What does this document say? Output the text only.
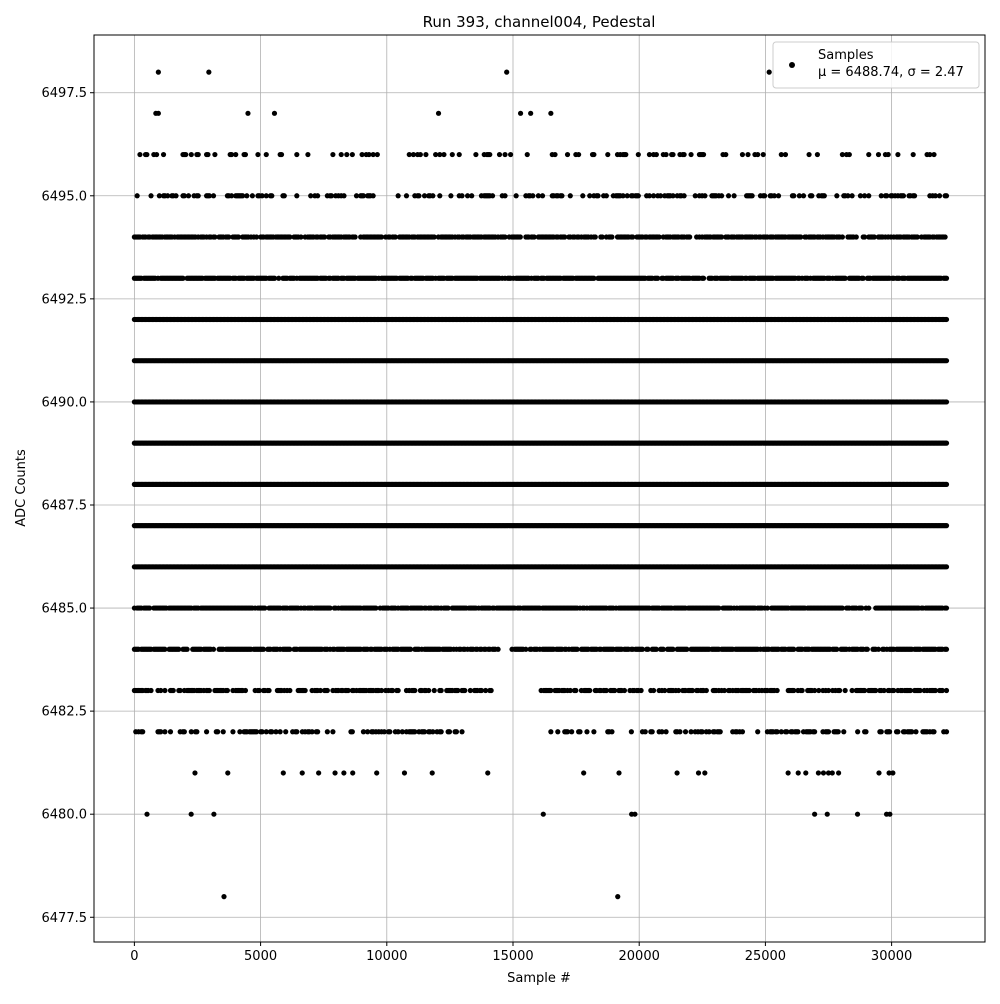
Run 393, channel004, Pedestal
Sample #
ADC Counts
0	5000	10000	15000	20000	25000	30000
6477.5
6480.0
6482.5
6485.0
6487.5
6490.0
6492.5
6495.0
6497.5
Samples
μ = 6488.74, σ = 2.47
